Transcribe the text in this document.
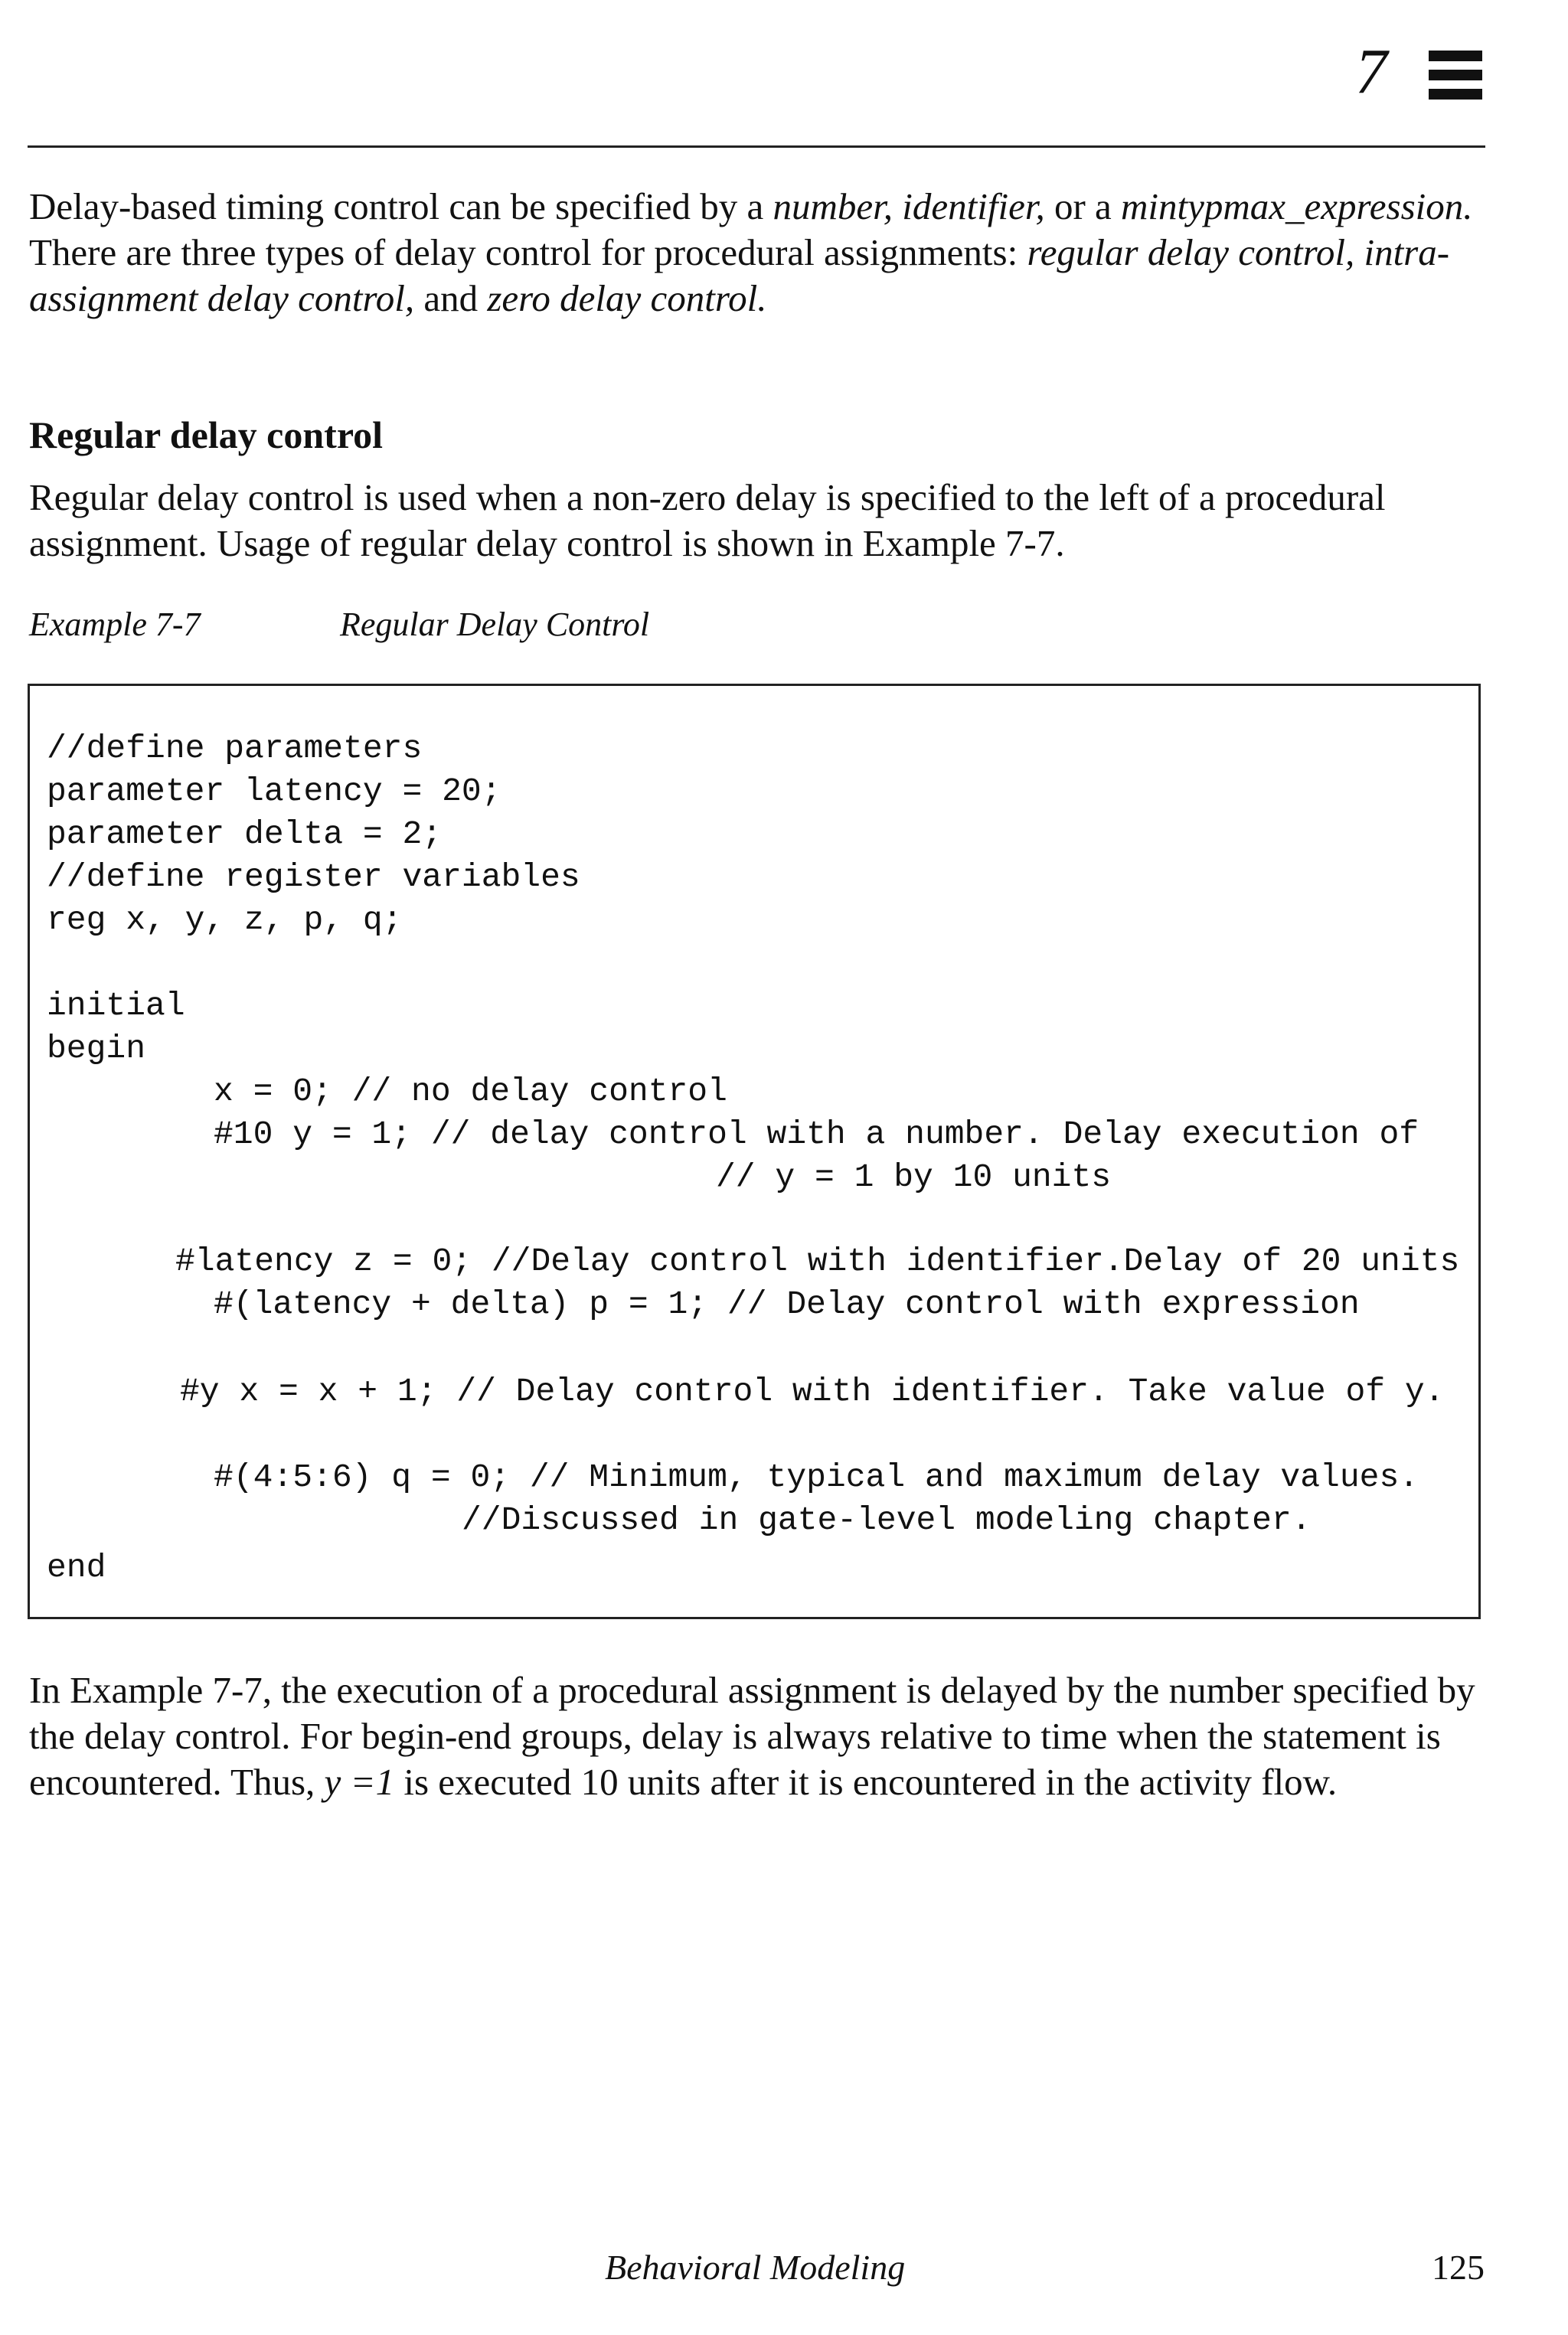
7

Delay-based timing control can be specified by a number, identifier, or a mintypmax_expression. There are three types of delay control for procedural assignments: regular delay control, intra-assignment delay control, and zero delay control.

Regular delay control

Regular delay control is used when a non-zero delay is specified to the left of a procedural assignment. Usage of regular delay control is shown in Example 7-7.

Example 7-7	Regular Delay Control
//define parameters
parameter latency = 20;
parameter delta = 2;
//define register variables
reg x, y, z, p, q;
initial
begin
x = 0; // no delay control
#10 y = 1; // delay control with a number. Delay execution of
// y = 1 by 10 units
#latency z = 0; //Delay control with identifier.Delay of 20 units
#(latency + delta) p = 1; // Delay control with expression
#y x = x + 1; // Delay control with identifier. Take value of y.
#(4:5:6) q = 0; // Minimum, typical and maximum delay values.
//Discussed in gate-level modeling chapter.
end

In Example 7-7, the execution of a procedural assignment is delayed by the number specified by the delay control. For begin-end groups, delay is always relative to time when the statement is encountered. Thus, y =1 is executed 10 units after it is encountered in the activity flow.

Behavioral Modeling	125
